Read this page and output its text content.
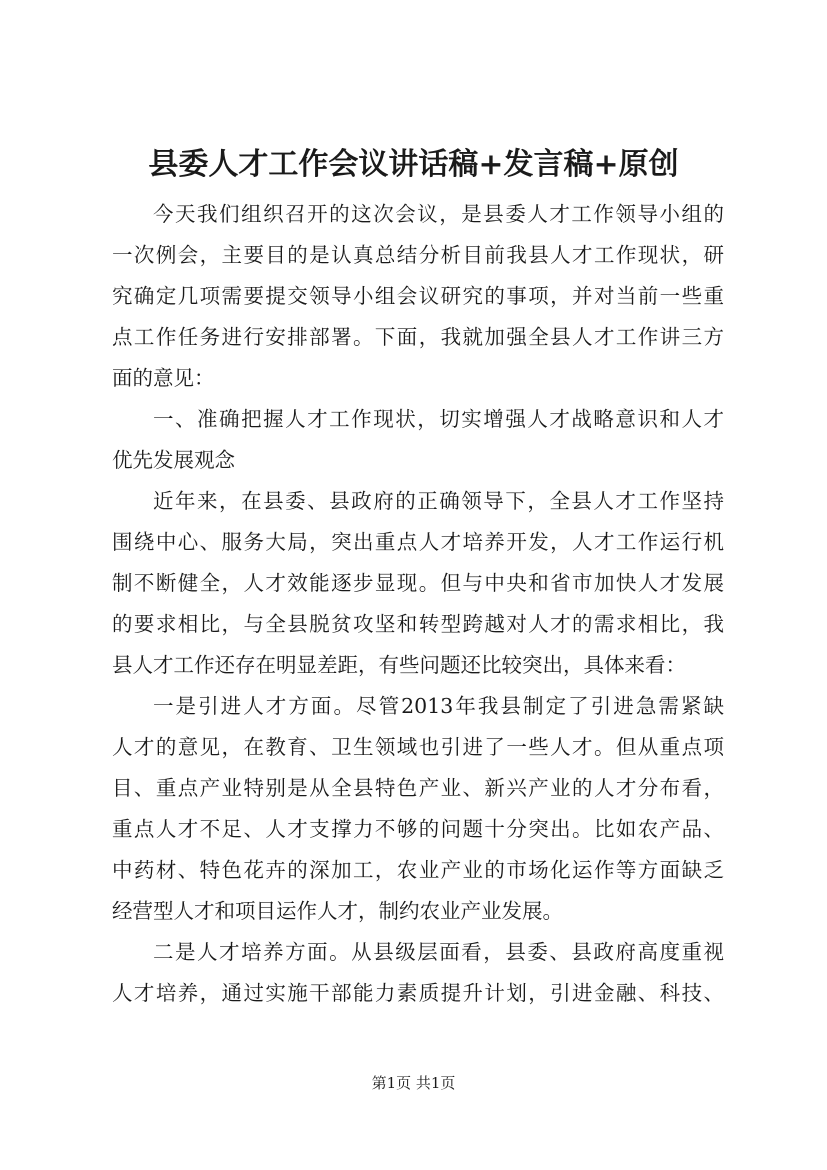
县委人才工作会议讲话稿+发言稿+原创
今天我们组织召开的这次会议，是县委人才工作领导小组的
一次例会，主要目的是认真总结分析目前我县人才工作现状，研
究确定几项需要提交领导小组会议研究的事项，并对当前一些重
点工作任务进行安排部署。下面，我就加强全县人才工作讲三方
面的意见：
一、准确把握人才工作现状，切实增强人才战略意识和人才
优先发展观念
近年来，在县委、县政府的正确领导下，全县人才工作坚持
围绕中心、服务大局，突出重点人才培养开发，人才工作运行机
制不断健全，人才效能逐步显现。但与中央和省市加快人才发展
的要求相比，与全县脱贫攻坚和转型跨越对人才的需求相比，我
县人才工作还存在明显差距，有些问题还比较突出，具体来看：
一是引进人才方面。尽管2013年我县制定了引进急需紧缺
人才的意见，在教育、卫生领域也引进了一些人才。但从重点项
目、重点产业特别是从全县特色产业、新兴产业的人才分布看，
重点人才不足、人才支撑力不够的问题十分突出。比如农产品、
中药材、特色花卉的深加工，农业产业的市场化运作等方面缺乏
经营型人才和项目运作人才，制约农业产业发展。
二是人才培养方面。从县级层面看，县委、县政府高度重视
人才培养，通过实施干部能力素质提升计划，引进金融、科技、
第1页 共1页
